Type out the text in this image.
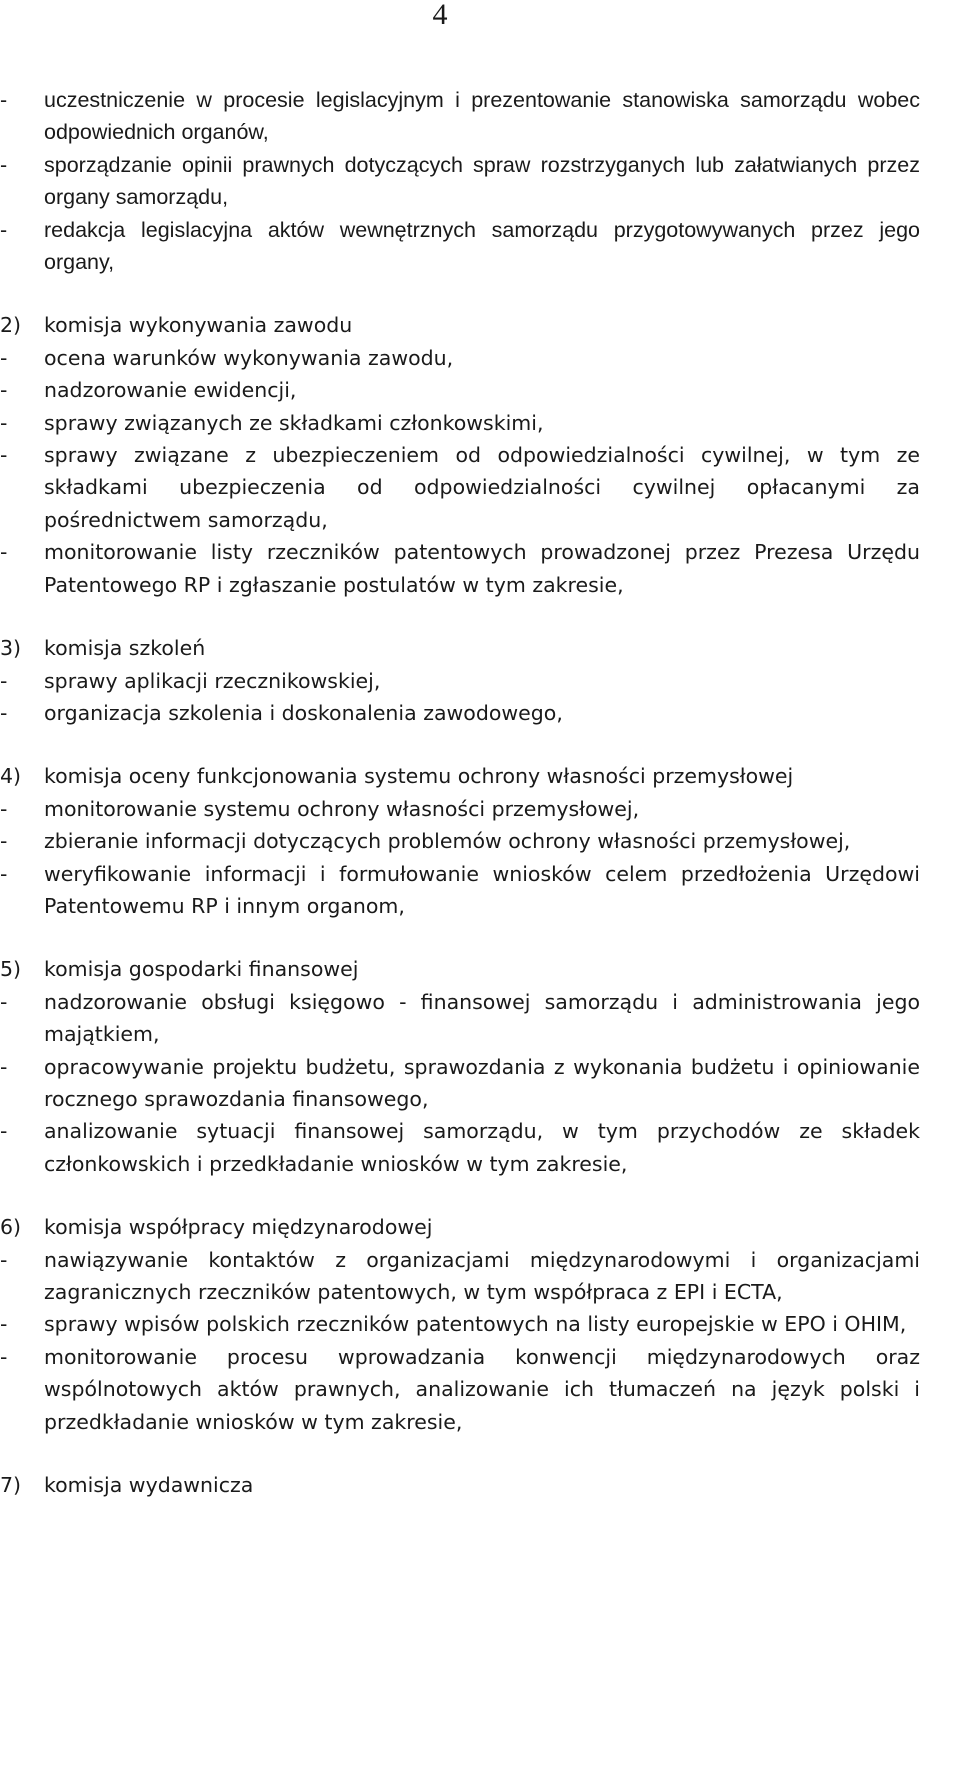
4
-	uczestniczenie w procesie legislacyjnym i prezentowanie stanowiska samorządu wobec odpowiednich organów,
-	sporządzanie opinii prawnych dotyczących spraw rozstrzyganych lub załatwianych przez organy samorządu,
-	redakcja legislacyjna aktów wewnętrznych samorządu przygotowywanych przez jego organy,
2)	komisja wykonywania zawodu
-	ocena warunków wykonywania zawodu,
-	nadzorowanie ewidencji,
-	sprawy związanych ze składkami członkowskimi,
-	sprawy związane z ubezpieczeniem od odpowiedzialności cywilnej, w tym ze składkami ubezpieczenia od odpowiedzialności cywilnej opłacanymi za pośrednictwem samorządu,
-	monitorowanie listy rzeczników patentowych prowadzonej przez Prezesa Urzędu Patentowego RP i zgłaszanie postulatów w tym zakresie,
3)	komisja szkoleń
-	sprawy aplikacji rzecznikowskiej,
-	organizacja szkolenia i doskonalenia zawodowego,
4)	komisja oceny funkcjonowania systemu ochrony własności przemysłowej
-	monitorowanie systemu ochrony własności przemysłowej,
-	zbieranie informacji dotyczących problemów ochrony własności przemysłowej,
-	weryfikowanie informacji i formułowanie wniosków celem przedłożenia Urzędowi Patentowemu RP i innym organom,
5)	komisja gospodarki finansowej
-	nadzorowanie obsługi księgowo - finansowej samorządu i administrowania jego majątkiem,
-	opracowywanie projektu budżetu, sprawozdania z wykonania budżetu i opiniowanie rocznego sprawozdania finansowego,
-	analizowanie sytuacji finansowej samorządu, w tym przychodów ze składek członkowskich i przedkładanie wniosków w tym zakresie,
6)	komisja współpracy międzynarodowej
-	nawiązywanie kontaktów z organizacjami międzynarodowymi i organizacjami zagranicznych rzeczników patentowych, w tym współpraca z EPI i ECTA,
-	sprawy wpisów polskich rzeczników patentowych na listy europejskie w EPO i OHIM,
-	monitorowanie procesu wprowadzania konwencji międzynarodowych oraz wspólnotowych aktów prawnych, analizowanie ich tłumaczeń na język polski i przedkładanie wniosków w tym zakresie,
7)	komisja wydawnicza
